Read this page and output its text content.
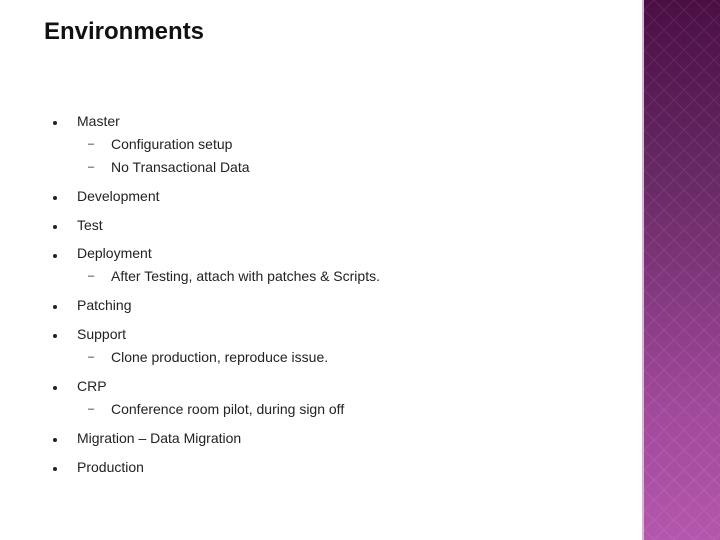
Environments
Master
– Configuration setup
– No Transactional Data
Development
Test
Deployment
– After Testing, attach with patches & Scripts.
Patching
Support
– Clone production, reproduce issue.
CRP
– Conference room pilot, during sign off
Migration – Data Migration
Production
